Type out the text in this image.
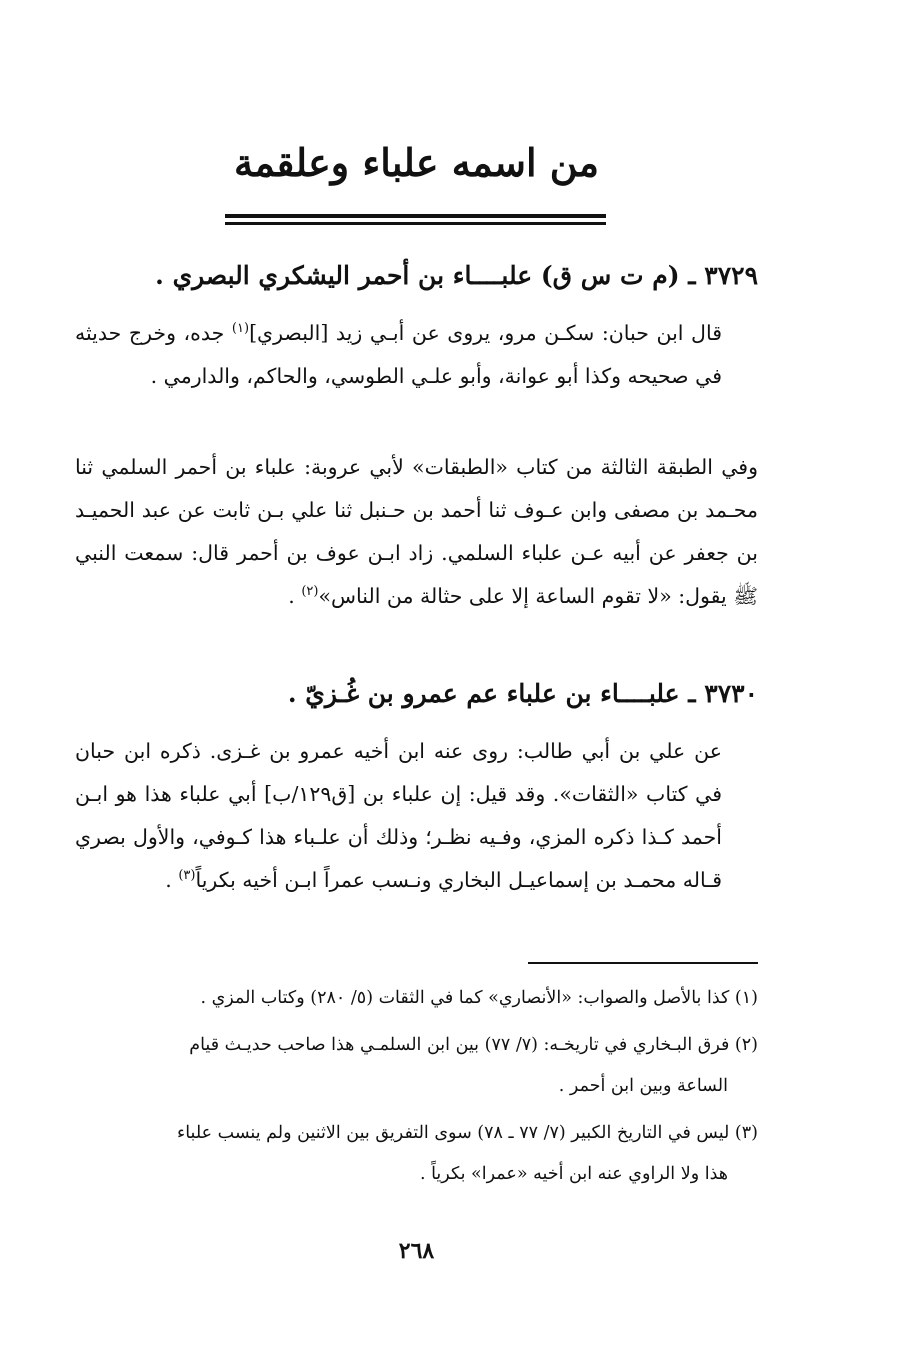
من اسمه علباء وعلقمة
٣٧٢٩ ـ (م ت س ق) علبــــاء بن أحمر اليشكري البصري .

قال ابن حبان: سكـن مرو، يروى عن أبـي زيد [البصري]$^{(١)}$ جده، وخرج حديثه في صحيحه وكذا أبو عوانة، وأبو علـي الطوسي، والحاكم، والدارمي .

وفي الطبقة الثالثة من كتاب «الطبقات» لأبي عروبة: علباء بن أحمر السلمي ثنا محـمد بن مصفى وابن عـوف ثنا أحمد بن حـنبل ثنا علي بـن ثابت عن عبد الحميـد بن جعفر عن أبيه عـن علباء السلمي. زاد ابـن عوف بن أحمر قال: سمعت النبي ﷺ يقول: «لا تقوم الساعة إلا على حثالة من الناس»$^{(٢)}$ .

٣٧٣٠ ـ علبــــاء بن علباء عم عمرو بن غُـزيّ .

عن علي بن أبي طالب: روى عنه ابن أخيه عمرو بن غـزى. ذكره ابن حبان في كتاب «الثقات». وقد قيل: إن علباء بن [ق١٢٩/ب] أبي علباء هذا هو ابـن أحمد كـذا ذكره المزي، وفـيه نظـر؛ وذلك أن علـباء هذا كـوفي، والأول بصري قـاله محمـد بن إسماعيـل البخاري ونـسب عمراً ابـن أخيه بكرياً$^{(٣)}$ .

(١) كذا بالأصل والصواب: «الأنصاري» كما في الثقات (٥/ ٢٨٠) وكتاب المزي .
(٢) فرق البـخاري في تاريخـه: (٧/ ٧٧) بين ابن السلمـي هذا صاحب حديـث قيام
الساعة وبين ابن أحمر .
(٣) ليس في التاريخ الكبير (٧/ ٧٧ ـ ٧٨) سوى التفريق بين الاثنين ولم ينسب علباء
هذا ولا الراوي عنه ابن أخيه «عمرا» بكرياً .
٢٦٨
